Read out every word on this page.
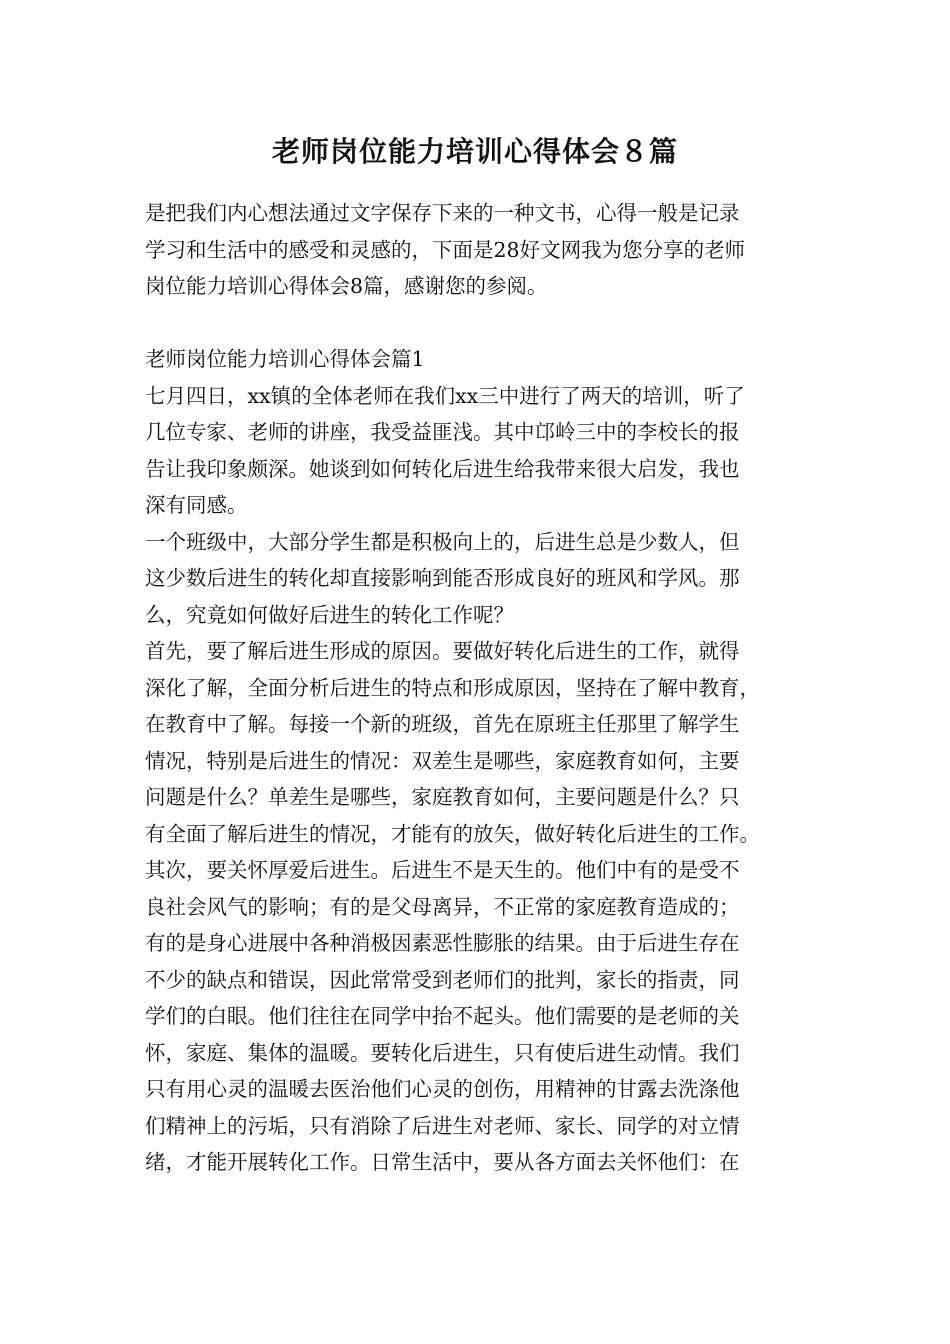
老师岗位能力培训心得体会８篇
是把我们内心想法通过文字保存下来的一种文书，心得一般是记录
学习和生活中的感受和灵感的，下面是28好文网我为您分享的老师
岗位能力培训心得体会8篇，感谢您的参阅。
老师岗位能力培训心得体会篇1
七月四日，xx镇的全体老师在我们xx三中进行了两天的培训，听了
几位专家、老师的讲座，我受益匪浅。其中邙岭三中的李校长的报
告让我印象颇深。她谈到如何转化后进生给我带来很大启发，我也
深有同感。
一个班级中，大部分学生都是积极向上的，后进生总是少数人，但
这少数后进生的转化却直接影响到能否形成良好的班风和学风。那
么，究竟如何做好后进生的转化工作呢？
首先，要了解后进生形成的原因。要做好转化后进生的工作，就得
深化了解，全面分析后进生的特点和形成原因，坚持在了解中教育，
在教育中了解。每接一个新的班级，首先在原班主任那里了解学生
情况，特别是后进生的情况：双差生是哪些，家庭教育如何，主要
问题是什么？单差生是哪些，家庭教育如何，主要问题是什么？只
有全面了解后进生的情况，才能有的放矢，做好转化后进生的工作。
其次，要关怀厚爱后进生。后进生不是天生的。他们中有的是受不
良社会风气的影响；有的是父母离异，不正常的家庭教育造成的；
有的是身心进展中各种消极因素恶性膨胀的结果。由于后进生存在
不少的缺点和错误，因此常常受到老师们的批判，家长的指责，同
学们的白眼。他们往往在同学中抬不起头。他们需要的是老师的关
怀，家庭、集体的温暖。要转化后进生，只有使后进生动情。我们
只有用心灵的温暖去医治他们心灵的创伤，用精神的甘露去洗涤他
们精神上的污垢，只有消除了后进生对老师、家长、同学的对立情
绪，才能开展转化工作。日常生活中，要从各方面去关怀他们：在
